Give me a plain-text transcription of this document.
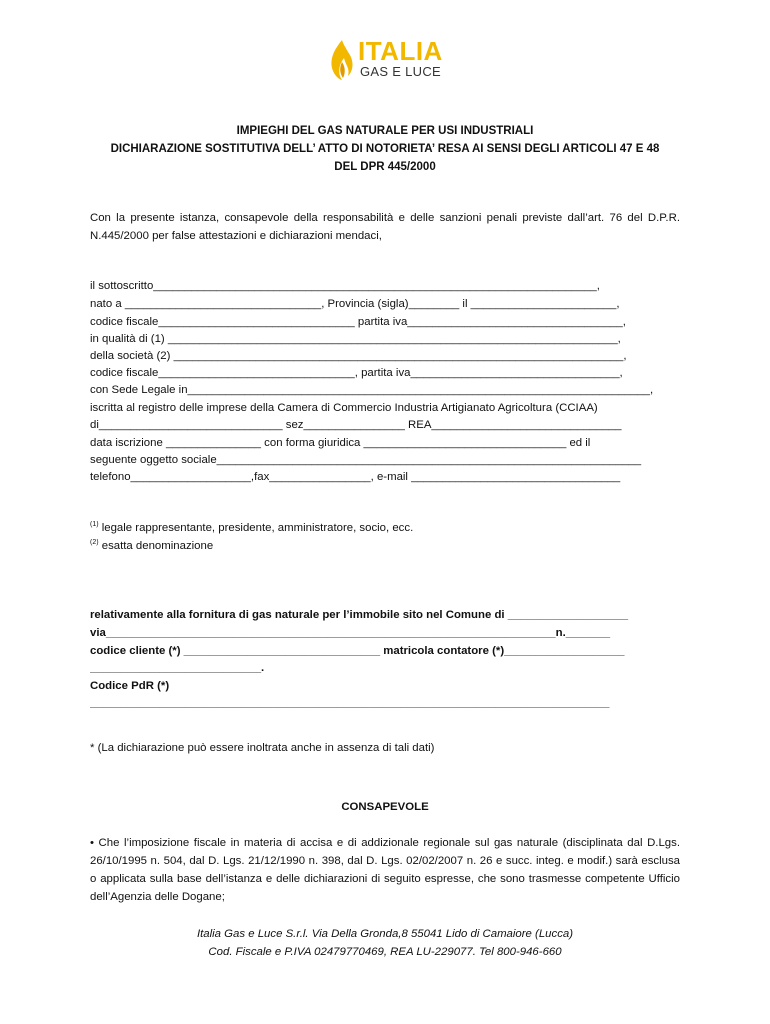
ITALIA
GAS E LUCE
IMPIEGHI DEL GAS NATURALE PER USI INDUSTRIALI
DICHIARAZIONE SOSTITUTIVA DELL’ ATTO DI NOTORIETA’ RESA AI SENSI DEGLI ARTICOLI 47 E 48
DEL DPR 445/2000
Con la presente istanza, consapevole della responsabilità e delle sanzioni penali previste dall’art. 76 del D.P.R. N.445/2000 per false attestazioni e dichiarazioni mendaci,
il sottoscritto______________________________________________________________________,
nato a _______________________________, Provincia (sigla)________ il _______________________,
codice fiscale_______________________________ partita iva__________________________________,
in qualità di (1) _______________________________________________________________________,
della società (2) _______________________________________________________________________,
codice fiscale_______________________________, partita iva_________________________________,
con Sede Legale in_________________________________________________________________________,
iscritta al registro delle imprese della Camera di Commercio Industria Artigianato Agricoltura (CCIAA)
di_____________________________ sez________________ REA______________________________
data iscrizione _______________ con forma giuridica ________________________________ ed il
seguente oggetto sociale___________________________________________________________________
telefono___________________,fax________________, e-mail _________________________________
$^{(1)}$ legale rappresentante, presidente, amministratore, socio, ecc.
$^{(2)}$ esatta denominazione
relativamente alla fornitura di gas naturale per l’immobile sito nel Comune di ___________________
via_______________________________________________________________________n._______
codice cliente (*) _______________________________ matricola contatore (*)___________________
___________________________.
Codice PdR (*)
__________________________________________________________________________________
* (La dichiarazione può essere inoltrata anche in assenza di tali dati)
CONSAPEVOLE
• Che l’imposizione fiscale in materia di accisa e di addizionale regionale sul gas naturale (disciplinata dal D.Lgs. 26/10/1995 n. 504, dal D. Lgs. 21/12/1990 n. 398, dal D. Lgs. 02/02/2007 n. 26 e succ. integ. e modif.) sarà esclusa o applicata sulla base dell’istanza e delle dichiarazioni di seguito espresse, che sono trasmesse competente Ufficio dell’Agenzia delle Dogane;
Italia Gas e Luce S.r.l. Via Della Gronda,8 55041 Lido di Camaiore (Lucca)
Cod. Fiscale e P.IVA 02479770469, REA LU-229077. Tel 800-946-660
